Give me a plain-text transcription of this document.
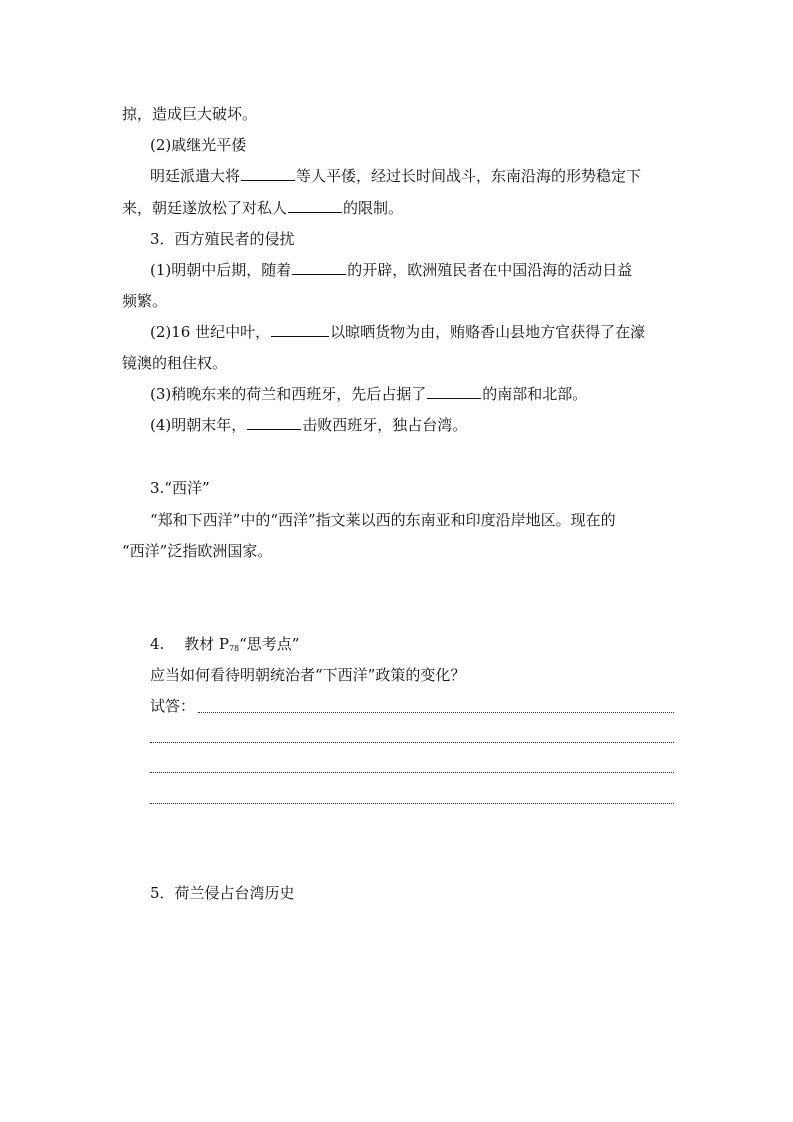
掠，造成巨大破坏。
(2)戚继光平倭
明廷派遣大将	等人平倭，经过长时间战斗，东南沿海的形势稳定下
来，朝廷遂放松了对私人	的限制。
3．西方殖民者的侵扰
(1)明朝中后期，随着	的开辟，欧洲殖民者在中国沿海的活动日益
频繁。
(2)16 世纪中叶，	以晾晒货物为由，贿赂香山县地方官获得了在濠
镜澳的租住权。
(3)稍晚东来的荷兰和西班牙，先后占据了	的南部和北部。
(4)明朝末年，	击败西班牙，独占台湾。
3.“西洋”
“郑和下西洋”中的“西洋”指文莱以西的东南亚和印度沿岸地区。现在的
“西洋”泛指欧洲国家。
4.　 教材 $P_{78}“$思考点”
应当如何看待明朝统治者“下西洋”政策的变化？
试答：
5．荷兰侵占台湾历史
